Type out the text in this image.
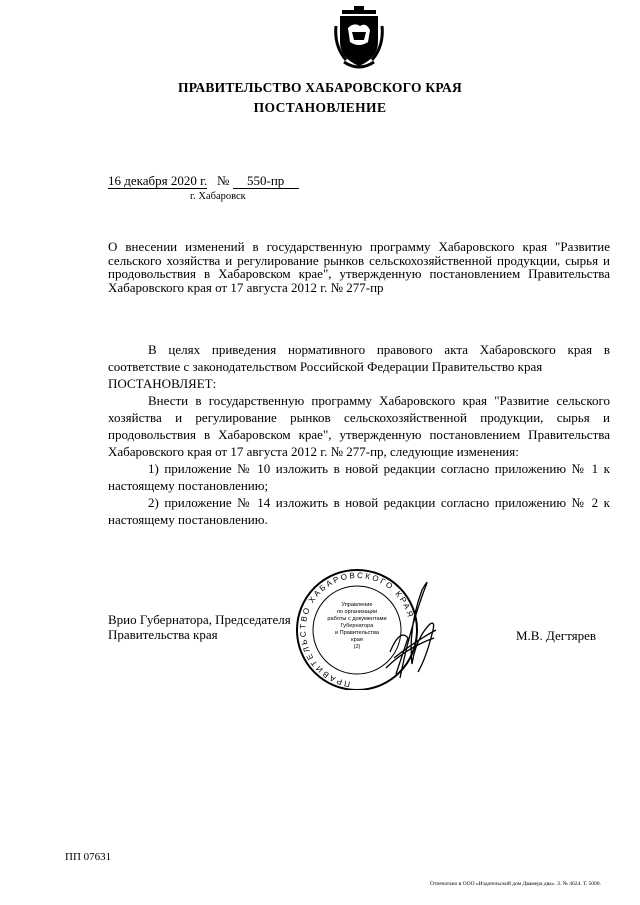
ПРАВИТЕЛЬСТВО ХАБАРОВСКОГО КРАЯ
ПОСТАНОВЛЕНИЕ
16 декабря 2020 г. № 550-пр
г. Хабаровск
О внесении изменений в государственную программу Хабаровского края "Развитие сельского хозяйства и регулирование рынков сельскохозяйственной продукции, сырья и продовольствия в Хабаровском крае", утвержденную постановлением Правительства Хабаровского края от 17 августа 2012 г. № 277-пр

В целях приведения нормативного правового акта Хабаровского края в соответствие с законодательством Российской Федерации Правительство края

ПОСТАНОВЛЯЕТ:

Внести в государственную программу Хабаровского края "Развитие сельского хозяйства и регулирование рынков сельскохозяйственной продукции, сырья и продовольствия в Хабаровском крае", утвержденную постановлением Правительства Хабаровского края от 17 августа 2012 г. № 277-пр, следующие изменения:

1) приложение № 10 изложить в новой редакции согласно приложению № 1 к настоящему постановлению;

2) приложение № 14 изложить в новой редакции согласно приложению № 2 к настоящему постановлению.

Врио Губернатора, Председателя
Правительства края	М.В. Дегтярев
ПРАВИТЕЛЬСТВО ХАБАРОВСКОГО КРАЯ
Управление
по организации
работы с документами
Губернатора
и Правительства
края
(2)
ПП 07631
Отпечатано в ООО «Издательский дом Двамера два». З. № 4624. Т. 5000.
